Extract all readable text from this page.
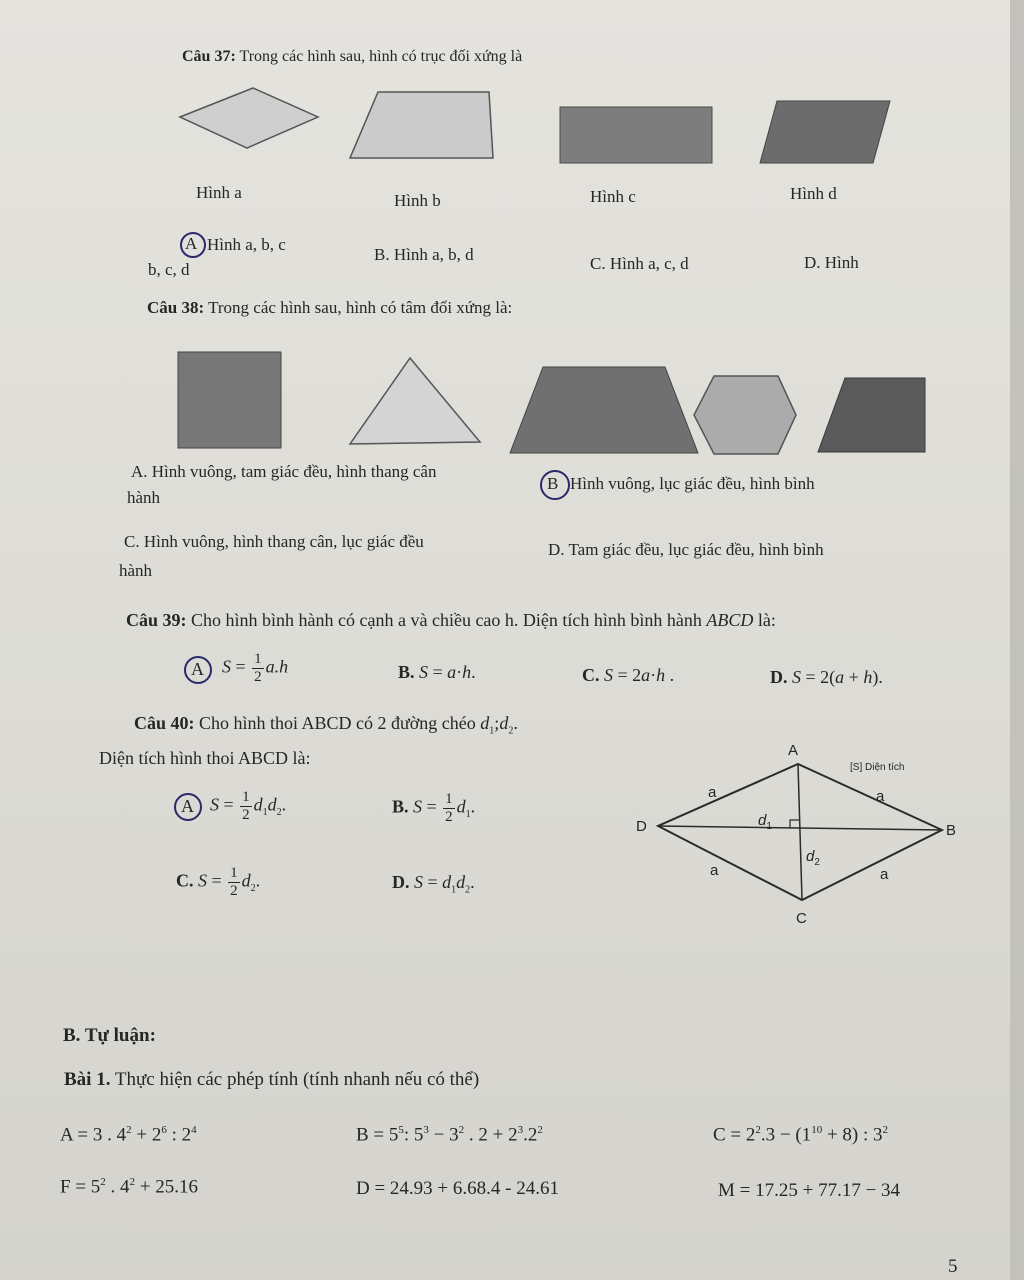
Câu 37: Trong các hình sau, hình có trục đối xứng là
Hình a	Hình b	Hình c	Hình d
A Hình a, b, c
B. Hình a, b, d	C. Hình a, c, d	D. Hình
b, c, d
Câu 38: Trong các hình sau, hình có tâm đối xứng là:
A. Hình vuông, tam giác đều, hình thang cân
B Hình vuông, lục giác đều, hình bình
hành
C. Hình vuông, hình thang cân, lục giác đều	D. Tam giác đều, lục giác đều, hình bình
hành
Câu 39: Cho hình bình hành có cạnh a và chiều cao h. Diện tích hình bình hành ABCD là:
A $S = \frac{1}{2} a.h$	B. S = a·h.	C. S = 2a·h .	D. S = 2(a + h).
Câu 40: Cho hình thoi ABCD có 2 đường chéo $d_1;d_2$.
Diện tích hình thoi ABCD là:
A $S = \frac{1}{2} d_1d_2$.	B. $S = \frac{1}{2} d_1$.
C. $S = \frac{1}{2} d_2$.	D. $S = d_1d_2$.
A
B
C
D
[S] Diện tích
a	a
a	a
$d_1$
$d_2$
B. Tự luận:
Bài 1. Thực hiện các phép tính (tính nhanh nếu có thể)
A = 3 . $4^2 + 2^6$ : $2^4$	$B = 5^5$: $5^3 - 3^2$ . $2 + 2^3.2^2$	$C = 2^2.3 - (1^{10} + 8)$ : $3^2$
$F = 5^2$ . $4^2 + 25.16$	D = 24.93 + 6.68.4 - 24.61	M = 17.25 + 77.17 − 34
5
